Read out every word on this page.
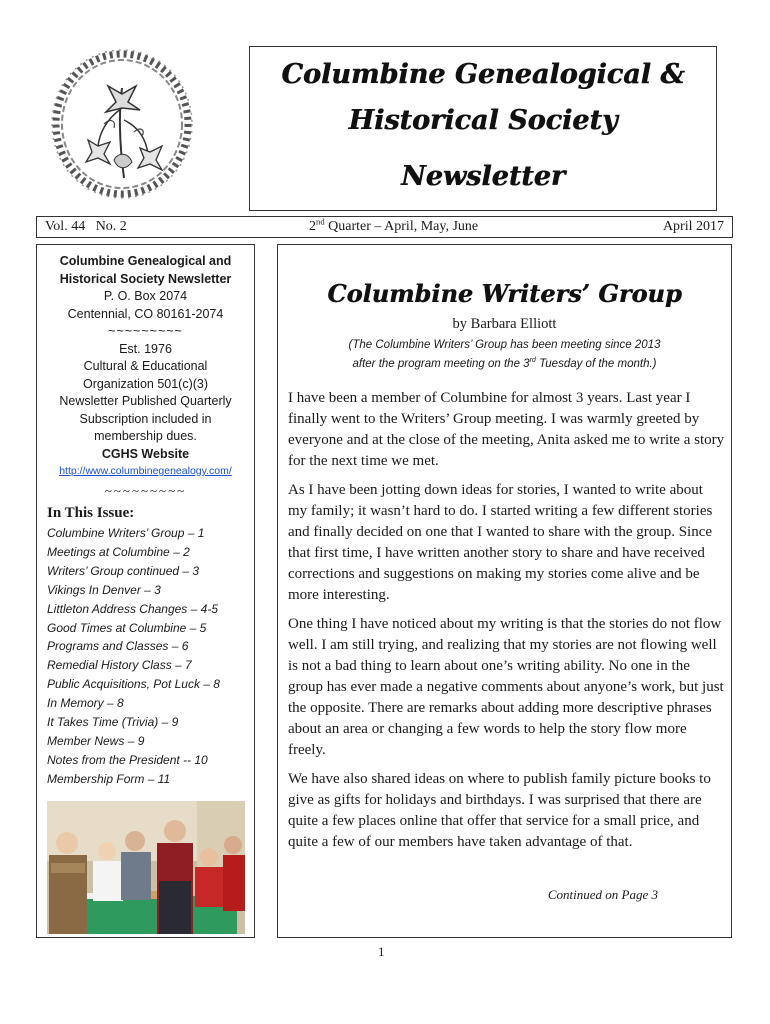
Columbine Genealogical &
Historical Society
Newsletter
Vol. 44   No. 2	2nd Quarter – April, May, June	April 2017
Columbine Genealogical and
Historical Society Newsletter
P. O. Box 2074
Centennial, CO 80161-2074
~~~~~~~~~
Est. 1976
Cultural & Educational
Organization 501(c)(3)
Newsletter Published Quarterly
Subscription included in
membership dues.
CGHS Website
http://www.columbinegenealogy.com/
~~~~~~~~~
In This Issue:
Columbine Writers’ Group – 1
Meetings at Columbine – 2
Writers’ Group continued – 3
Vikings In Denver – 3
Littleton Address Changes – 4-5
Good Times at Columbine – 5
Programs and Classes – 6
Remedial History Class – 7
Public Acquisitions, Pot Luck – 8
In Memory – 8
It Takes Time (Trivia) – 9
Member News – 9
Notes from the President -- 10
Membership Form – 11
Columbine Writers’ Group
by Barbara Elliott
(The Columbine Writers’ Group has been meeting since 2013
after the program meeting on the 3rd Tuesday of the month.)

I have been a member of Columbine for almost 3 years. Last year I finally went to the Writers’ Group meeting. I was warmly greeted by everyone and at the close of the meeting, Anita asked me to write a story for the next time we met.

As I have been jotting down ideas for stories, I wanted to write about my family; it wasn’t hard to do. I started writing a few different stories and finally decided on one that I wanted to share with the group. Since that first time, I have written another story to share and have received corrections and suggestions on making my stories come alive and be more interesting.

One thing I have noticed about my writing is that the stories do not flow well. I am still trying, and realizing that my stories are not flowing well is not a bad thing to learn about one’s writing ability. No one in the group has ever made a negative comments about anyone’s work, but just the opposite. There are remarks about adding more descriptive phrases about an area or changing a few words to help the story flow more freely.

We have also shared ideas on where to publish family picture books to give as gifts for holidays and birthdays. I was surprised that there are quite a few places online that offer that service for a small price, and quite a few of our members have taken advantage of that.

Continued on Page 3
1
